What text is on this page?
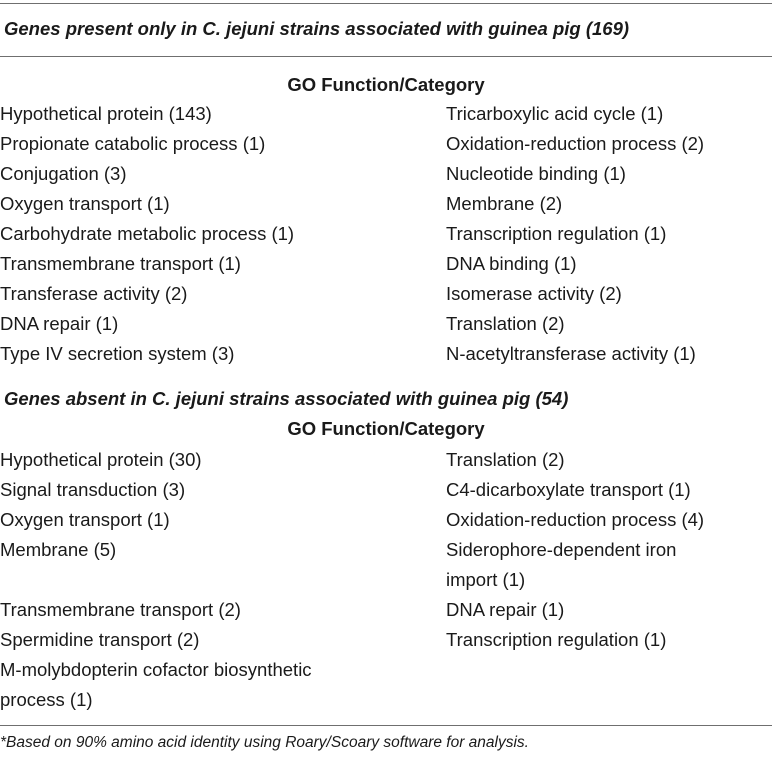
Genes present only in C. jejuni strains associated with guinea pig (169)
GO Function/Category
Hypothetical protein (143)
Propionate catabolic process (1)
Conjugation (3)
Oxygen transport (1)
Carbohydrate metabolic process (1)
Transmembrane transport (1)
Transferase activity (2)
DNA repair (1)
Type IV secretion system (3)
Tricarboxylic acid cycle (1)
Oxidation-reduction process (2)
Nucleotide binding (1)
Membrane (2)
Transcription regulation (1)
DNA binding (1)
Isomerase activity (2)
Translation (2)
N-acetyltransferase activity (1)
Genes absent in C. jejuni strains associated with guinea pig (54)
GO Function/Category
Hypothetical protein (30)
Signal transduction (3)
Oxygen transport (1)
Membrane (5)
Transmembrane transport (2)
Spermidine transport (2)
M-molybdopterin cofactor biosynthetic
process (1)
Translation (2)
C4-dicarboxylate transport (1)
Oxidation-reduction process (4)
Siderophore-dependent iron
import (1)
DNA repair (1)
Transcription regulation (1)
*Based on 90% amino acid identity using Roary/Scoary software for analysis.
